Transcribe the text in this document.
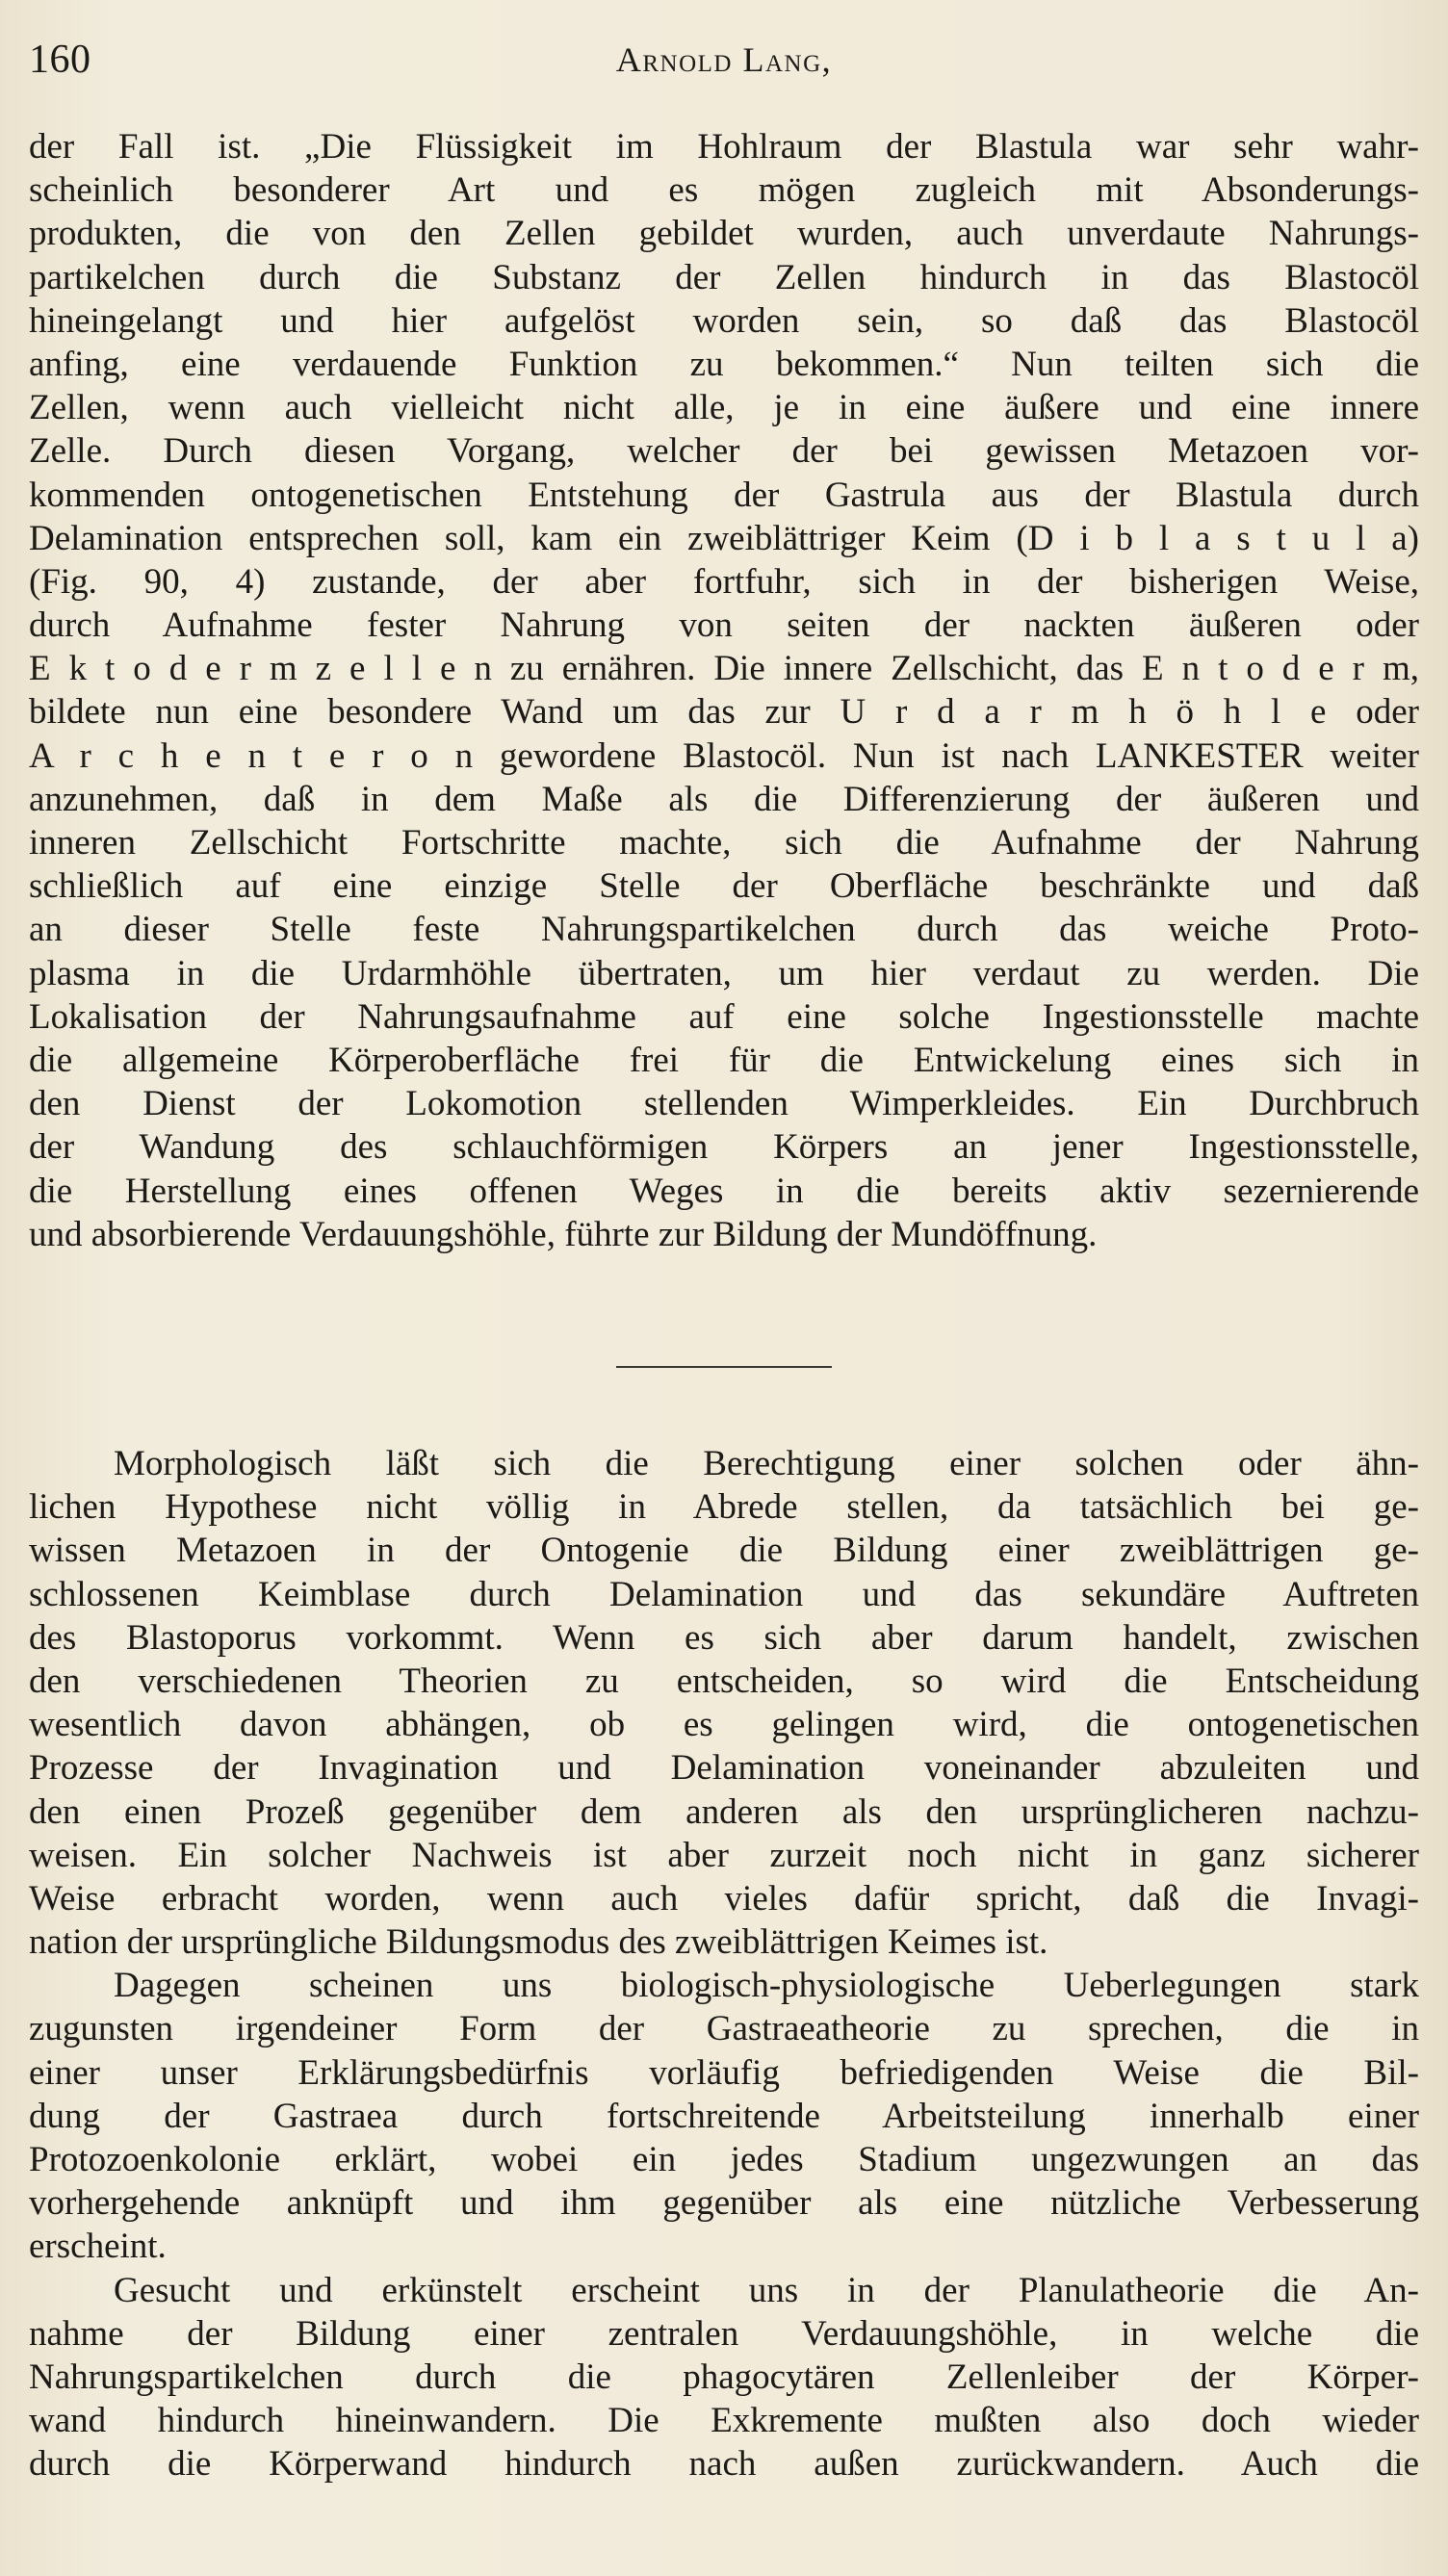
160	Arnold Lang,
der Fall ist. „Die Flüssigkeit im Hohlraum der Blastula war sehr wahr-
scheinlich besonderer Art und es mögen zugleich mit Absonderungs-
produkten, die von den Zellen gebildet wurden, auch unverdaute Nahrungs-
partikelchen durch die Substanz der Zellen hindurch in das Blastocöl
hineingelangt und hier aufgelöst worden sein, so daß das Blastocöl
anfing, eine verdauende Funktion zu bekommen.“ Nun teilten sich die
Zellen, wenn auch vielleicht nicht alle, je in eine äußere und eine innere
Zelle. Durch diesen Vorgang, welcher der bei gewissen Metazoen vor-
kommenden ontogenetischen Entstehung der Gastrula aus der Blastula durch
Delamination entsprechen soll, kam ein zweiblättriger Keim (D i b l a s t u l a)
(Fig. 90, 4) zustande, der aber fortfuhr, sich in der bisherigen Weise,
durch Aufnahme fester Nahrung von seiten der nackten äußeren oder
E k t o d e r m z e l l e n zu ernähren. Die innere Zellschicht, das E n t o d e r m,
bildete nun eine besondere Wand um das zur U r d a r m h ö h l e oder
A r c h e n t e r o n gewordene Blastocöl. Nun ist nach LANKESTER weiter
anzunehmen, daß in dem Maße als die Differenzierung der äußeren und
inneren Zellschicht Fortschritte machte, sich die Aufnahme der Nahrung
schließlich auf eine einzige Stelle der Oberfläche beschränkte und daß
an dieser Stelle feste Nahrungspartikelchen durch das weiche Proto-
plasma in die Urdarmhöhle übertraten, um hier verdaut zu werden. Die
Lokalisation der Nahrungsaufnahme auf eine solche Ingestionsstelle machte
die allgemeine Körperoberfläche frei für die Entwickelung eines sich in
den Dienst der Lokomotion stellenden Wimperkleides. Ein Durchbruch
der Wandung des schlauchförmigen Körpers an jener Ingestionsstelle,
die Herstellung eines offenen Weges in die bereits aktiv sezernierende
und absorbierende Verdauungshöhle, führte zur Bildung der Mundöffnung.
Morphologisch läßt sich die Berechtigung einer solchen oder ähn-
lichen Hypothese nicht völlig in Abrede stellen, da tatsächlich bei ge-
wissen Metazoen in der Ontogenie die Bildung einer zweiblättrigen ge-
schlossenen Keimblase durch Delamination und das sekundäre Auftreten
des Blastoporus vorkommt. Wenn es sich aber darum handelt, zwischen
den verschiedenen Theorien zu entscheiden, so wird die Entscheidung
wesentlich davon abhängen, ob es gelingen wird, die ontogenetischen
Prozesse der Invagination und Delamination voneinander abzuleiten und
den einen Prozeß gegenüber dem anderen als den ursprünglicheren nachzu-
weisen. Ein solcher Nachweis ist aber zurzeit noch nicht in ganz sicherer
Weise erbracht worden, wenn auch vieles dafür spricht, daß die Invagi-
nation der ursprüngliche Bildungsmodus des zweiblättrigen Keimes ist.
Dagegen scheinen uns biologisch-physiologische Ueberlegungen stark
zugunsten irgendeiner Form der Gastraeatheorie zu sprechen, die in
einer unser Erklärungsbedürfnis vorläufig befriedigenden Weise die Bil-
dung der Gastraea durch fortschreitende Arbeitsteilung innerhalb einer
Protozoenkolonie erklärt, wobei ein jedes Stadium ungezwungen an das
vorhergehende anknüpft und ihm gegenüber als eine nützliche Verbesserung
erscheint.
Gesucht und erkünstelt erscheint uns in der Planulatheorie die An-
nahme der Bildung einer zentralen Verdauungshöhle, in welche die
Nahrungspartikelchen durch die phagocytären Zellenleiber der Körper-
wand hindurch hineinwandern. Die Exkremente mußten also doch wieder
durch die Körperwand hindurch nach außen zurückwandern. Auch die
